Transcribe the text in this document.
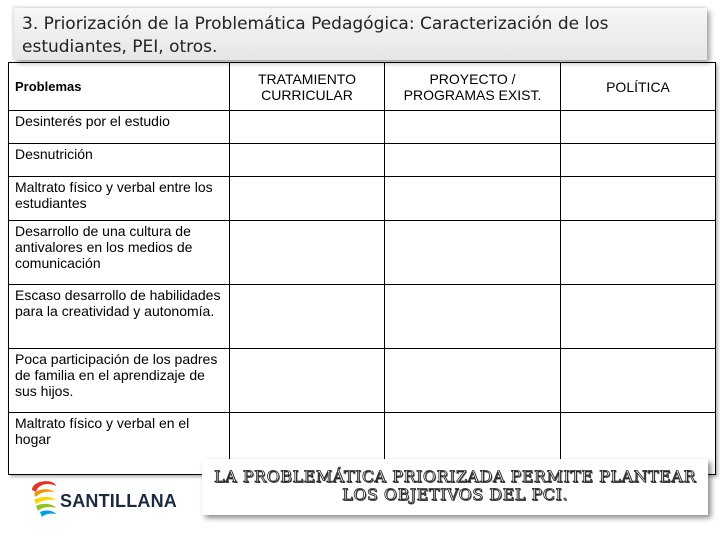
3. Priorización de la Problemática Pedagógica: Caracterización de los estudiantes, PEI, otros.
Problemas	TRATAMIENTO CURRICULAR	PROYECTO / PROGRAMAS EXIST.	POLÍTICA
Desinterés por el estudio			
Desnutrición			
Maltrato físico y verbal entre los estudiantes			
Desarrollo de una cultura de antivalores en los medios de comunicación			
Escaso desarrollo de habilidades para la creatividad y autonomía.			
Poca participación de los padres de familia en el aprendizaje de sus hijos.			
Maltrato físico y verbal en el hogar			
LA PROBLEMÁTICA PRIORIZADA PERMITE PLANTEAR LOS OBJETIVOS DEL PCI.
SANTILLANA
